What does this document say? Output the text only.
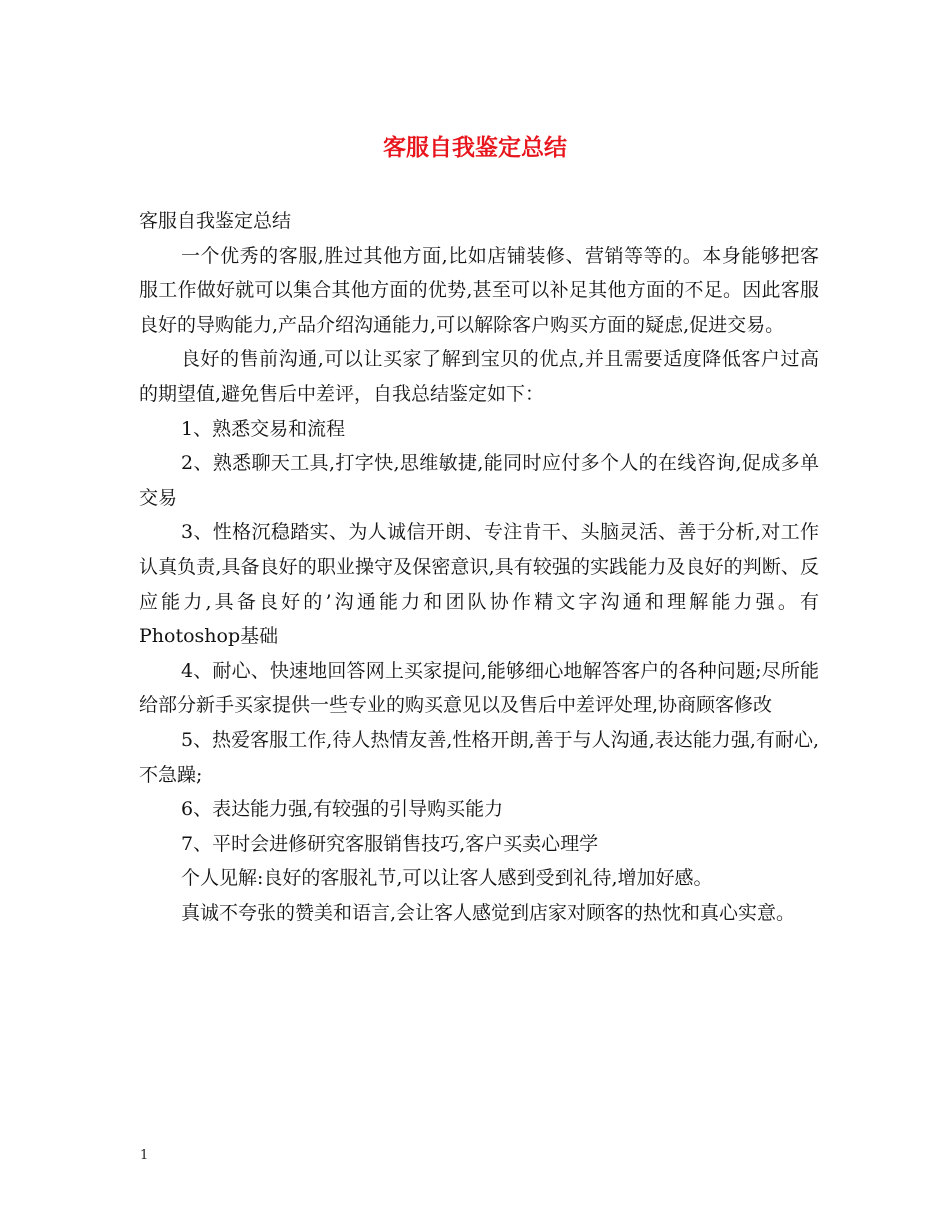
客服自我鉴定总结

客服自我鉴定总结

一个优秀的客服,胜过其他方面,比如店铺装修、营销等等的。本身能够把客服工作做好就可以集合其他方面的优势,甚至可以补足其他方面的不足。因此客服良好的导购能力,产品介绍沟通能力,可以解除客户购买方面的疑虑,促进交易。

良好的售前沟通,可以让买家了解到宝贝的优点,并且需要适度降低客户过高的期望值,避免售后中差评，自我总结鉴定如下：

1、熟悉交易和流程

2、熟悉聊天工具,打字快,思维敏捷,能同时应付多个人的在线咨询,促成多单交易

3、性格沉稳踏实、为人诚信开朗、专注肯干、头脑灵活、善于分析,对工作认真负责,具备良好的职业操守及保密意识,具有较强的实践能力及良好的判断、反应能力,具备良好的’沟通能力和团队协作精文字沟通和理解能力强。有Photoshop基础

4、耐心、快速地回答网上买家提问,能够细心地解答客户的各种问题;尽所能给部分新手买家提供一些专业的购买意见以及售后中差评处理,协商顾客修改

5、热爱客服工作,待人热情友善,性格开朗,善于与人沟通,表达能力强,有耐心,不急躁;

6、表达能力强,有较强的引导购买能力

7、平时会进修研究客服销售技巧,客户买卖心理学

个人见解:良好的客服礼节,可以让客人感到受到礼待,增加好感。

真诚不夸张的赞美和语言,会让客人感觉到店家对顾客的热忱和真心实意。

1
